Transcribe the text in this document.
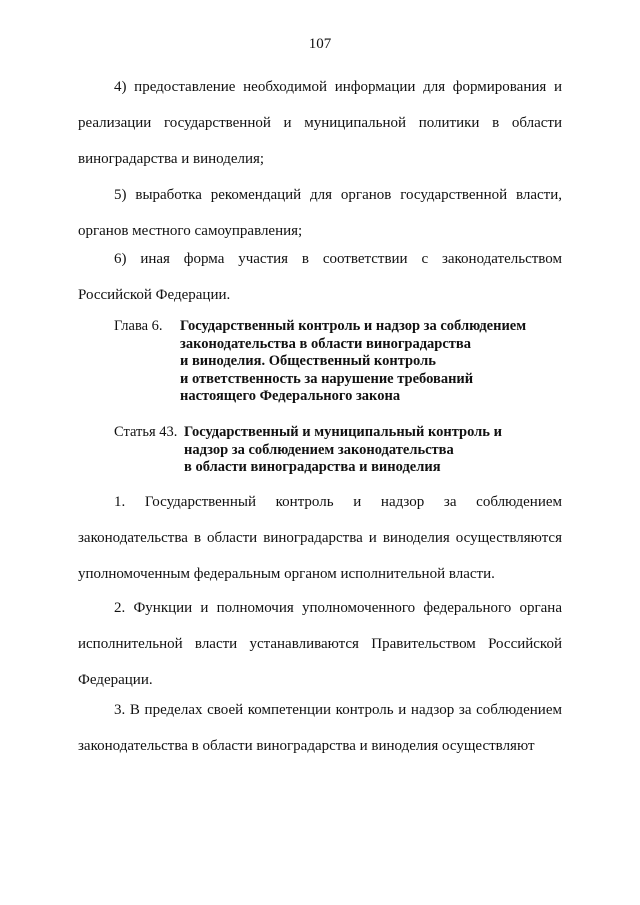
107

4) предоставление необходимой информации для формирования и реализации государственной и муниципальной политики в области виноградарства и виноделия;

5) выработка рекомендаций для органов государственной власти, органов местного самоуправления;

6) иная форма участия в соответствии с законодательством Российской Федерации.

Глава 6. Государственный контроль и надзор за соблюдением
законодательства в области виноградарства
и виноделия. Общественный контроль
и ответственность за нарушение требований
настоящего Федерального закона
Статья 43. Государственный и муниципальный контроль и
надзор за соблюдением законодательства
в области виноградарства и виноделия

1. Государственный контроль и надзор за соблюдением законодательства в области виноградарства и виноделия осуществляются уполномоченным федеральным органом исполнительной власти.

2. Функции и полномочия уполномоченного федерального органа исполнительной власти устанавливаются Правительством Российской Федерации.

3. В пределах своей компетенции контроль и надзор за соблюдением законодательства в области виноградарства и виноделия осуществляют
